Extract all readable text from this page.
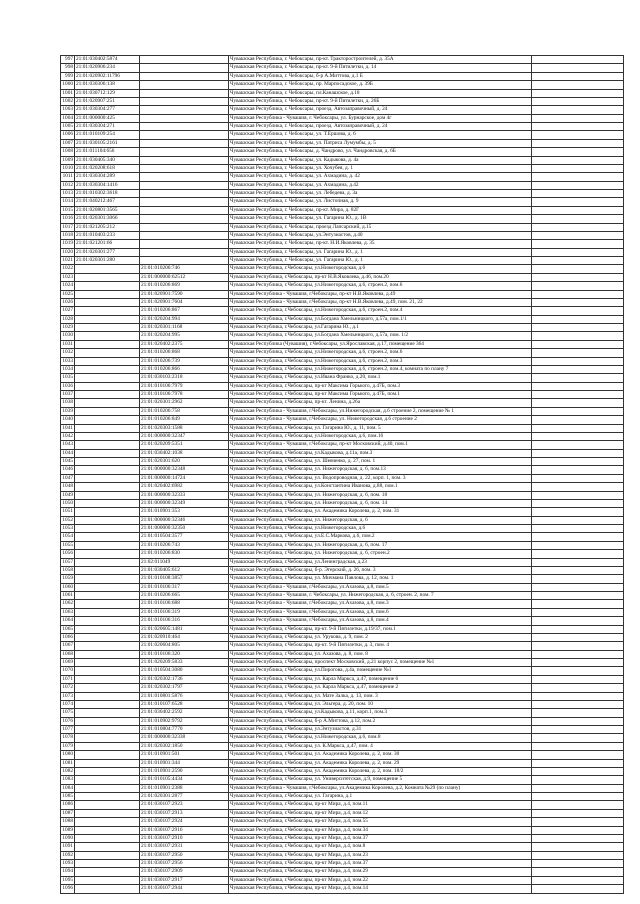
997	21:01:030402:5874		Чувашская Республика, г. Чебоксары, пр-кт. Тракторостроителей, д. 35А	
998	21:01:020906:234		Чувашская Республика, г. Чебоксары, пр-кт. 9-й Пятилетки, д. 14	
999	21:01:020902:11796		Чувашская Республика, г. Чебоксары, б-р А.Миттова, д.1 Б	
1000	21:01:030306:138		Чувашская Республика, г. Чебоксары, пр. Марпосадское, д. 39Б	
1001	21:01:030712:129		Чувашская Республика, г. Чебоксары, пл.Канашское, д.18	
1002	21:01:020907:251		Чувашская Республика, г. Чебоксары, пр-кт. 9-й Пятилетки, д. 26Б	
1003	21:01:030304:277		Чувашская Республика, г. Чебоксары, проезд. Автозаправочный, д. 24	
1004	21:01:000000:425		Чувашская Республика - Чувашия, г. Чебоксары, ул. Бурнарское, дом 4г	
1005	21:01:030304:271		Чувашская Республика, г. Чебоксары, проезд. Автозаправочный, д. 24	
1006	21:01:010109:254		Чувашская Республика, г. Чебоксары, ул. Т.Ершова, д. 6	
1007	21:01:030105:2161		Чувашская Республика, г. Чебоксары, ул. Патриса Лумумбы, д. 5	
1008	21:01:011104:656		Чувашская Республика, г. Чебоксары, д. Чандрово, ул. Чандровская, д. 6Б	
1009	21:01:030405:340		Чувашская Республика, г. Чебоксары, ул. Кадыкова, д. 4а	
1010	21:01:020208:618		Чувашская Республика, г. Чебоксары, ул. Хочубея, д. 1	
1011	21:01:030304:289		Чувашская Республика, г. Чебоксары, ул. Ахмадина, д. 42	
1012	21:01:030304:1416		Чувашская Республика, г. Чебоксары, ул. Ахмадина, д.42	
1013	21:01:010302:3618		Чувашская Республика, г. Чебоксары, ул. Лебедева, д. 3а	
1014	21:01:040212:467		Чувашская Республика, г. Чебоксары, ул. Листопная, д. 9	
1015	21:01:020801:3565		Чувашская Республика, г. Чебоксары, пр-кт. Мира, д. 82Г	
1016	21:01:020301:3066		Чувашская Республика, г. Чебоксары, ул. Гагарина Ю., д. 1В	
1017	21:01:021205:212		Чувашская Республика, г. Чебоксары, проезд Лапсарский, д.15	
1018	21:01:010403:233		Чувашская Республика, г. Чебоксары, ул.Энтузиастов, д.40	
1019	21:01:021201:66		Чувашская Республика, г. Чебоксары, пр-кт. Н.И.Яковлева, д. 35	
1020	21:01:020301:277		Чувашская Республика, г. Чебоксары, ул. Гагарина Ю., д. 1	
1021	21:01:020301:280		Чувашская Республика, г. Чебоксары, ул. Гагарина Ю., д. 1	
1022		21:01:010206:746	Чувашская Республика, г.Чебоксары, ул.Нижегородская, д.6	
1023		21:01:000000:62512	Чувашская Республика, г.Чебоксары, пр-кт Н.В.Яковлева, д.46, пом.20	
1024		21:01:010206:869	Чувашская Республика, г.Чебоксары, ул.Нижегородская, д.6, строен.2, пом.6	
1025		21:01:020901:7590	Чувашская Республика - Чувашия, г.Чебоксары, пр-кт Н.В.Яковлева, д.49	
1026		21:01:020901:7604	Чувашская Республика - Чувашия, г.Чебоксары, пр-кт Н.В.Яковлева, д.49, пом. 21, 22	
1027		21:01:010206:867	Чувашская Республика, г.Чебоксары, ул.Нижегородская, д.6, строен.2, пом.4	
1028		21:01:020204:994	Чувашская Республика, г.Чебоксары, ул.Богдана Хмельницкого, д.57а, пом.1/1	
1029		21:01:020301:1168	Чувашская Республика, г.Чебоксары, ул.Гагарина Ю., д.1	
1030		21:01:020204:995	Чувашская Республика, г.Чебоксары, ул.Богдана Хмельницкого, д.57а, пом. 1/2	
1031		21:01:020402:2375	Чувашская Республика (Чувашия), г.Чебоксары, ул.Ярославская, д.17, помещение 364	
1032		21:01:010206:868	Чувашская Республика, г.Чебоксары, ул.Нижегородская, д.6, строен.2, пом.6	
1033		21:01:010206:739	Чувашская Республика, г.Чебоксары, ул.Нижегородская, д.6, строен.2, пом.3	
1034		21:01:010206:866	Чувашская Республика, г.Чебоксары, ул.Нижегородская, д.6, строен.2, пом.4, комната по плану 7	
1035		21:01:030103:2318	Чувашская Республика, г.Чебоксары, ул.Ивана Франко, д.20, пом.1	
1036		21:01:010106:7979	Чувашская Республика, г.Чебоксары, пр-кт Максима Горького, д.47Б, пом.3	
1037		21:01:010106:7978	Чувашская Республика, г.Чебоксары, пр-кт Максима Горького, д.47Б, пом.1	
1038		21:01:020301:2962	Чувашская Республика, г.Чебоксары, пр-кт. Ленина, д.26а	
1039		21:01:010206:758	Чувашская Республика - Чувашия, г.Чебоксары, ул.Нижегородская, д.6 строение 2, помещение № 1	
1040		21:01:010206:849	Чувашская Республика - Чувашия, г.Чебоксары, ул. Нижегородская, д.6 строение 2	
1041		21:01:020303:1588	Чувашская Республика, г.Чебоксары, ул. Гагарина Ю., д. 11, пом. 5	
1042		21:01:000000:32347	Чувашская Республика, г.Чебоксары, ул.Нижегородская, д.6, пом.16	
1043		21:01:020209:5351	Чувашская Республика - Чувашия, г.Чебоксары, пр-кт Московский, д.40, пом.1	
1044		21:01:030402:1038	Чувашская Республика, г.Чебоксары, ул.Кадыкова, д.11а, пом.3	
1045		21:01:020301:620	Чувашская Республика, г.Чебоксары, ул. Шевченко, д. 27, пом. 1	
1046		21:01:000000:32348	Чувашская Республика, г.Чебоксары, ул. Нижегородская, д. 6, пом.13	
1047		21:01:000000:14724	Чувашская Республика, г.Чебоксары, ул. Водопроводная, д. 22, корп. 1, пом. 3	
1048		21:01:020402:6982	Чувашская Республика, г.Чебоксары, ул.Константина Иванова, д.88, пом.1	
1049		21:01:000000:32333	Чувашская Республика, г.Чебоксары, ул. Нижегородская, д. 6, пом. 18	
1050		21:01:000000:32349	Чувашская Республика, г.Чебоксары, ул. Нижегородская, д. 6, пом. 14	
1051		21:01:010901:353	Чувашская Республика, г.Чебоксары, ул. Академика Королева, д. 2, пом. 31	
1052		21:01:000000:32346	Чувашская Республика, г.Чебоксары, ул. Нижегородская, д. 6	
1053		21:01:000000:32350	Чувашская Республика, г.Чебоксары, ул.Нижегородская, д.6	
1054		21:01:010504:3577	Чувашская Республика, г.Чебоксары, ул.Е.С.Маркова, д.6, пом.2	
1055		21:01:010206:743	Чувашская Республика, г.Чебоксары, ул. Нижегородская, д. 6, пом. 17	
1056		21:01:010206:830	Чувашская Республика, г.Чебоксары, ул. Нижегородская, д. 6, строен.2	
1057		21:02:011049	Чувашская Республика, г.Чебоксары, ул.Ленинградская, д.23	
1058		21:01:030405:612	Чувашская Республика, г.Чебоксары, б-р. Эгерский, д. 26, пом. 3	
1059		21:01:010108:3857	Чувашская Республика, г.Чебоксары, ул. Мичмана Павлова, д. 12, пом. 1	
1060		21:01:010106:317	Чувашская Республика - Чувашия, г.Чебоксары, ул.Ахазова, д.8, пом.5	
1061		21:01:010206:665	Чувашская Республика - Чувашия, г. Чебоксары, ул. Нижегородская, д. 6, строен. 2, пом. 7	
1062		21:01:010106:688	Чувашская Республика - Чувашия, г.Чебоксары, ул.Ахазова, д.8, пом.3	
1063		21:01:010106:319	Чувашская Республика - Чувашия, г.Чебоксары, ул.Ахазова, д.8, пом.6	
1064		21:01:010106:316	Чувашская Республика - Чувашия, г.Чебоксары, ул.Ахазова, д.8, пом.4	
1065		21:01:020605:1481	Чувашская Республика, г.Чебоксары, пр-кт. 9-й Пятилетки, д.19/37, пом.1	
1066		21:01:020910:464	Чувашская Республика, г.Чебоксары, ул. Урукова, д. 9, пом. 2	
1067		21:01:020604:805	Чувашская Республика, г.Чебоксары, пр-кт. 9-й Пятилетки, д. 3, пом. 4	
1068		21:01:010106:320	Чувашская Республика, г.Чебоксары, ул. Ахазова, д. 8, пом. 8	
1069		21:01:020209:5833	Чувашская Республика, г.Чебоксары, проспект Московский, д.21 корпус 2, помещение №1	
1070		21:01:010504:3080	Чувашская Республика, г.Чебоксары, ул.Пирогова, д.4а, помещение №1	
1071		21:01:020302:1736	Чувашская Республика, г.Чебоксары, ул. Карла Маркса, д.47, помещение 6	
1072		21:01:020302:1797	Чувашская Республика, г.Чебоксары, ул. Карла Маркса, д.47, помещение 2	
1073		21:01:010801:5876	Чувашская Республика, г.Чебоксары, ул. Мате Залка, д. 13, пом. 3	
1074		21:01:010107:6528	Чувашская Республика, г.Чебоксары, ул. Эльгера, д. 20, пом. 10	
1075		21:01:030402:2592	Чувашская Республика, г.Чебоксары, ул.Кадыкова, д.11, корп.1, пом.3	
1076		21:01:010902:9792	Чувашская Республика, г.Чебоксары, б-р А.Миттова, д.12, пом.2	
1077		21:01:010804:7770	Чувашская Республика, г.Чебоксары, ул.Энтузиастов, д.31	
1078		21:01:000000:32338	Чувашская Республика, г.Чебоксары, ул.Нижегородская, д.6, пом.8	
1079		21:01:020302:1850	Чувашская Республика, г.Чебоксары, ул. К.Маркса, д.47, пом. 4	
1080		21:01:010901:501	Чувашская Республика, г.Чебоксары, ул. Академика Королева, д. 2, пом. 30	
1081		21:01:010901:344	Чувашская Республика, г.Чебоксары, ул. Академика Королева, д. 2, пом. 29	
1082		21:01:010901:2590	Чувашская Республика, г.Чебоксары, ул. Академика Королева, д. 2, пом. 18/2	
1083		21:01:010105:4434	Чувашская Республика, г.Чебоксары, ул. Университетская, д.9, помещение 5	
1084		21:01:010901:2388	Чувашская Республика - Чувашия, г.Чебоксары, ул.Академика Королева, д.2, Комната №29 (по плану)	
1085		21:01:020301:2877	Чувашская Республика, г.Чебоксары, ул. Гагарина, д.1	
1086		21:01:030107:2923	Чувашская Республика, г.Чебоксары, пр-кт Мира, д.4, пом.11	
1087		21:01:030107:2913	Чувашская Республика, г.Чебоксары, пр-кт Мира, д.4, пом.12	
1088		21:01:030107:2924	Чувашская Республика, г.Чебоксары, пр-кт Мира, д.4, пом.55	
1089		21:01:030107:2916	Чувашская Республика, г.Чебоксары, пр-кт Мира, д.4, пом.34	
1090		21:01:030107:2910	Чувашская Республика, г.Чебоксары, пр-кт Мира, д.4, пом.37	
1091		21:01:030107:2931	Чувашская Республика, г.Чебоксары, пр-кт Мира, д.4, пом.8	
1092		21:01:030107:2950	Чувашская Республика, г.Чебоксары, пр-кт Мира, д.4, пом.23	
1093		21:01:030107:2956	Чувашская Республика, г.Чебоксары, пр-кт Мира, д.4, пом.37	
1094		21:01:030107:2909	Чувашская Республика, г.Чебоксары, пр-кт Мира, д.4, пом.29	
1095		21:01:030107:2917	Чувашская Республика, г.Чебоксары, пр-кт Мира, д.4, пом.22	
1096		21:01:030107:2944	Чувашская Республика, г.Чебоксары, пр-кт Мира, д.4, пом.14	
